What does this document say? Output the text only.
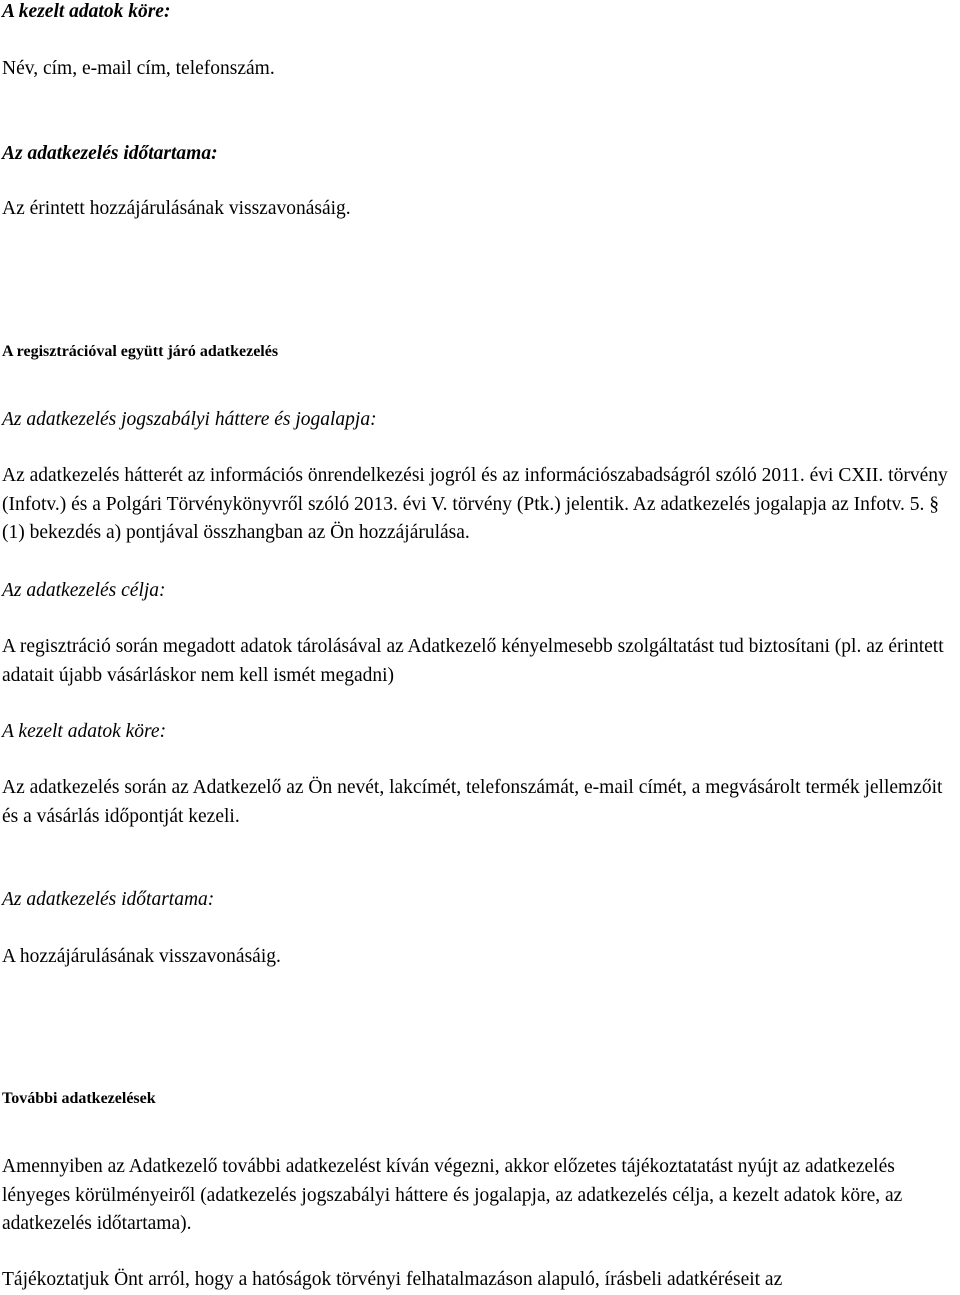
A kezelt adatok köre:

Név, cím, e-mail cím, telefonszám.

Az adatkezelés időtartama:

Az érintett hozzájárulásának visszavonásáig.

A regisztrációval együtt járó adatkezelés

Az adatkezelés jogszabályi háttere és jogalapja:

Az adatkezelés hátterét az információs önrendelkezési jogról és az információszabadságról szóló 2011. évi CXII. törvény (Infotv.) és a Polgári Törvénykönyvről szóló 2013. évi V. törvény (Ptk.) jelentik. Az adatkezelés jogalapja az Infotv. 5. § (1) bekezdés a) pontjával összhangban az Ön hozzájárulása.

Az adatkezelés célja:

A regisztráció során megadott adatok tárolásával az Adatkezelő kényelmesebb szolgáltatást tud biztosítani (pl. az érintett adatait újabb vásárláskor nem kell ismét megadni)

A kezelt adatok köre:

Az adatkezelés során az Adatkezelő az Ön nevét, lakcímét, telefonszámát, e-mail címét, a megvásárolt termék jellemzőit és a vásárlás időpontját kezeli.

Az adatkezelés időtartama:

A hozzájárulásának visszavonásáig.

További adatkezelések

Amennyiben az Adatkezelő további adatkezelést kíván végezni, akkor előzetes tájékoztatatást nyújt az adatkezelés lényeges körülményeiről (adatkezelés jogszabályi háttere és jogalapja, az adatkezelés célja, a kezelt adatok köre, az adatkezelés időtartama).

Tájékoztatjuk Önt arról, hogy a hatóságok törvényi felhatalmazáson alapuló, írásbeli adatkéréseit az
